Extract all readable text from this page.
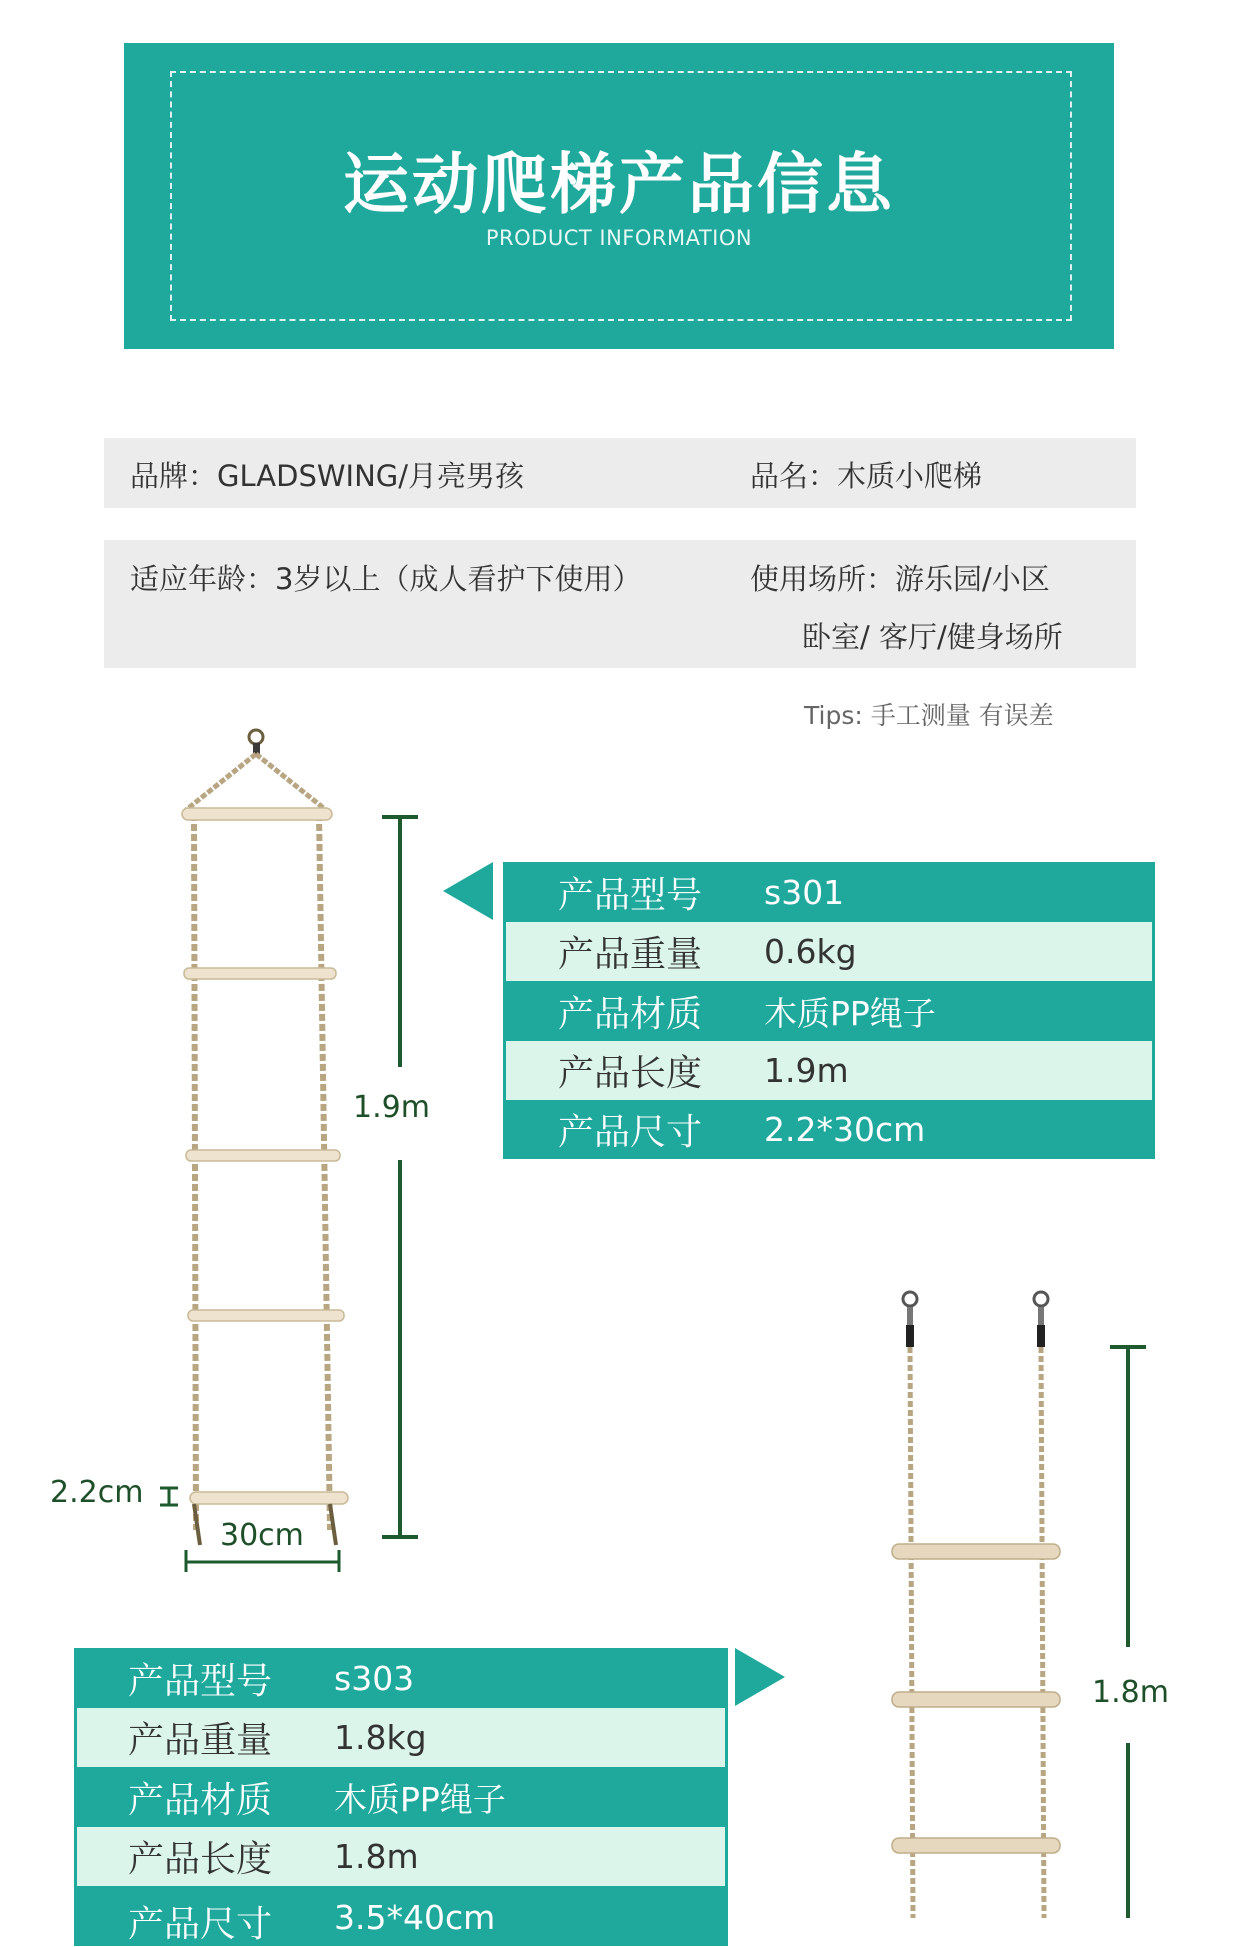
运动爬梯产品信息
PRODUCT INFORMATION
品牌：GLADSWING/月亮男孩	品名：木质小爬梯
适应年龄：3岁以上（成人看护下使用）	使用场所：游乐园/小区
卧室/ 客厅/健身场所
Tips: 手工测量 有误差
1.9m
2.2cm
30cm
产品型号	s301
产品重量	0.6kg
产品材质	木质PP绳子
产品长度	1.9m
产品尺寸	2.2*30cm
产品型号	s303
产品重量	1.8kg
产品材质	木质PP绳子
产品长度	1.8m
产品尺寸	3.5*40cm
1.8m
